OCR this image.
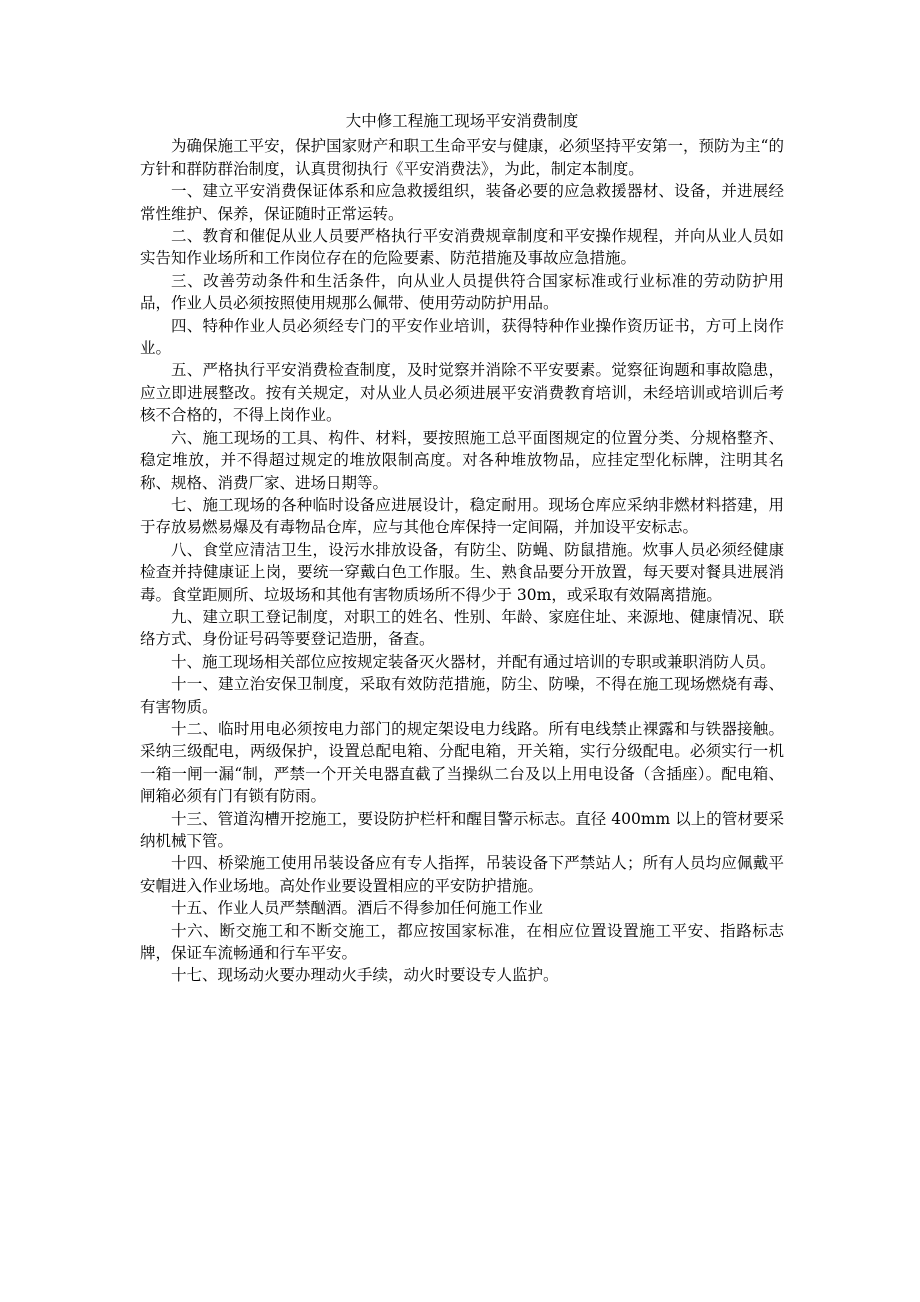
大中修工程施工现场平安消费制度

为确保施工平安，保护国家财产和职工生命平安与健康，必须坚持平安第一，预防为主“的方针和群防群治制度，认真贯彻执行《平安消费法》，为此，制定本制度。

一、建立平安消费保证体系和应急救援组织，装备必要的应急救援器材、设备，并进展经常性维护、保养，保证随时正常运转。

二、教育和催促从业人员要严格执行平安消费规章制度和平安操作规程，并向从业人员如实告知作业场所和工作岗位存在的危险要素、防范措施及事故应急措施。

三、改善劳动条件和生活条件，向从业人员提供符合国家标准或行业标准的劳动防护用品，作业人员必须按照使用规那么佩带、使用劳动防护用品。

四、特种作业人员必须经专门的平安作业培训，获得特种作业操作资历证书，方可上岗作业。

五、严格执行平安消费检查制度，及时觉察并消除不平安要素。觉察征询题和事故隐患，应立即进展整改。按有关规定，对从业人员必须进展平安消费教育培训，未经培训或培训后考核不合格的，不得上岗作业。

六、施工现场的工具、构件、材料，要按照施工总平面图规定的位置分类、分规格整齐、稳定堆放，并不得超过规定的堆放限制高度。对各种堆放物品，应挂定型化标牌，注明其名称、规格、消费厂家、进场日期等。

七、施工现场的各种临时设备应进展设计，稳定耐用。现场仓库应采纳非燃材料搭建，用于存放易燃易爆及有毒物品仓库，应与其他仓库保持一定间隔，并加设平安标志。

八、食堂应清洁卫生，设污水排放设备，有防尘、防蝇、防鼠措施。炊事人员必须经健康检查并持健康证上岗，要统一穿戴白色工作服。生、熟食品要分开放置，每天要对餐具进展消毒。食堂距厕所、垃圾场和其他有害物质场所不得少于 30m，或采取有效隔离措施。

九、建立职工登记制度，对职工的姓名、性别、年龄、家庭住址、来源地、健康情况、联络方式、身份证号码等要登记造册，备查。

十、施工现场相关部位应按规定装备灭火器材，并配有通过培训的专职或兼职消防人员。

十一、建立治安保卫制度，采取有效防范措施，防尘、防噪，不得在施工现场燃烧有毒、有害物质。

十二、临时用电必须按电力部门的规定架设电力线路。所有电线禁止裸露和与铁器接触。采纳三级配电，两级保护，设置总配电箱、分配电箱，开关箱，实行分级配电。必须实行一机一箱一闸一漏“制，严禁一个开关电器直截了当操纵二台及以上用电设备（含插座）。配电箱、闸箱必须有门有锁有防雨。

十三、管道沟槽开挖施工，要设防护栏杆和醒目警示标志。直径 400mm 以上的管材要采纳机械下管。

十四、桥梁施工使用吊装设备应有专人指挥，吊装设备下严禁站人；所有人员均应佩戴平安帽进入作业场地。高处作业要设置相应的平安防护措施。

十五、作业人员严禁酗酒。酒后不得参加任何施工作业

十六、断交施工和不断交施工，都应按国家标准，在相应位置设置施工平安、指路标志牌，保证车流畅通和行车平安。

十七、现场动火要办理动火手续，动火时要设专人监护。
